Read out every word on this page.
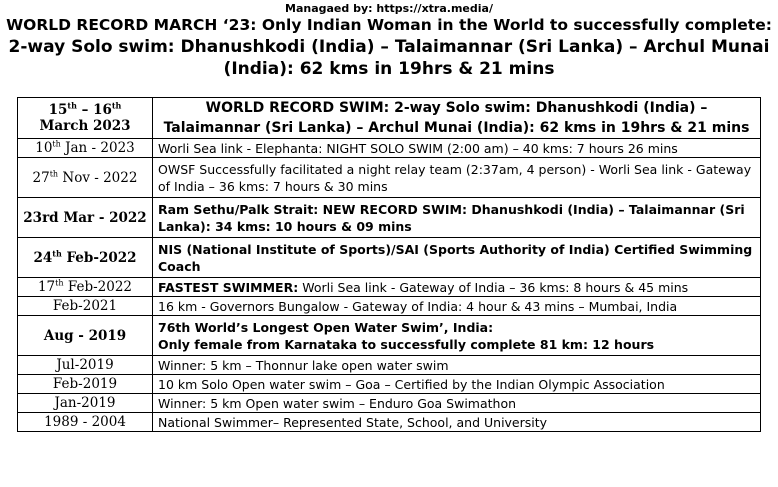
Managaed by: https://xtra.media/
WORLD RECORD MARCH ‘23: Only Indian Woman in the World to successfully complete:
2-way Solo swim: Dhanushkodi (India) – Talaimannar (Sri Lanka) – Archul Munai
(India): 62 kms in 19hrs & 21 mins
15th – 16th
March 2023	WORLD RECORD SWIM: 2-way Solo swim: Dhanushkodi (India) – Talaimannar (Sri Lanka) – Archul Munai (India): 62 kms in 19hrs & 21 mins
10th Jan - 2023	Worli Sea link - Elephanta: NIGHT SOLO SWIM (2:00 am) – 40 kms: 7 hours 26 mins
27th Nov - 2022	OWSF Successfully facilitated a night relay team (2:37am, 4 person) - Worli Sea link - Gateway of India – 36 kms: 7 hours & 30 mins
23rd Mar - 2022	Ram Sethu/Palk Strait: NEW RECORD SWIM: Dhanushkodi (India) – Talaimannar (Sri Lanka): 34 kms: 10 hours & 09 mins
24th Feb-2022	NIS (National Institute of Sports)/SAI (Sports Authority of India) Certified Swimming Coach
17th Feb-2022	FASTEST SWIMMER: Worli Sea link - Gateway of India – 36 kms: 8 hours & 45 mins
Feb-2021	16 km - Governors Bungalow - Gateway of India: 4 hour & 43 mins – Mumbai, India
Aug - 2019	76th World’s Longest Open Water Swim’, India:
Only female from Karnataka to successfully complete 81 km: 12 hours
Jul-2019	Winner: 5 km – Thonnur lake open water swim
Feb-2019	10 km Solo Open water swim – Goa – Certified by the Indian Olympic Association
Jan-2019	Winner: 5 km Open water swim – Enduro Goa Swimathon
1989 - 2004	National Swimmer– Represented State, School, and University
